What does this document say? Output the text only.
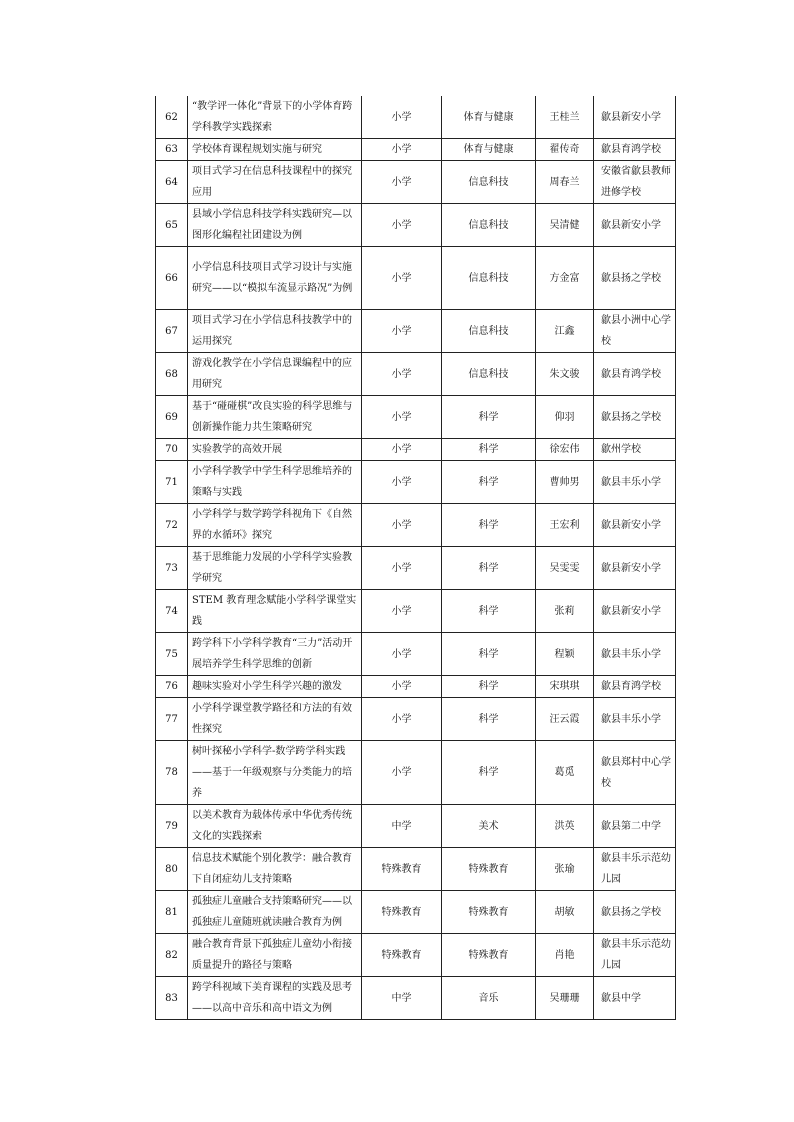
62	“教学评一体化”背景下的小学体育跨学科教学实践探索	小学	体育与健康	王桂兰	歙县新安小学
63	学校体育课程规划实施与研究	小学	体育与健康	翟传奇	歙县育鸿学校
64	项目式学习在信息科技课程中的探究应用	小学	信息科技	周春兰	安徽省歙县教师进修学校
65	县域小学信息科技学科实践研究—以图形化编程社团建设为例	小学	信息科技	吴清健	歙县新安小学
66	小学信息科技项目式学习设计与实施研究——以“模拟车流显示路况”为例	小学	信息科技	方金富	歙县扬之学校
67	项目式学习在小学信息科技教学中的运用探究	小学	信息科技	江鑫	歙县小洲中心学校
68	游戏化教学在小学信息课编程中的应用研究	小学	信息科技	朱文骏	歙县育鸿学校
69	基于“碰碰棋”改良实验的科学思维与创新操作能力共生策略研究	小学	科学	仰羽	歙县扬之学校
70	实验教学的高效开展	小学	科学	徐宏伟	歙州学校
71	小学科学教学中学生科学思维培养的策略与实践	小学	科学	曹帅男	歙县丰乐小学
72	小学科学与数学跨学科视角下《自然界的水循环》探究	小学	科学	王宏利	歙县新安小学
73	基于思维能力发展的小学科学实验教学研究	小学	科学	吴雯雯	歙县新安小学
74	STEM 教育理念赋能小学科学课堂实践	小学	科学	张莉	歙县新安小学
75	跨学科下小学科学教育“三力”活动开展培养学生科学思维的创新	小学	科学	程颖	歙县丰乐小学
76	趣味实验对小学生科学兴趣的激发	小学	科学	宋琪琪	歙县育鸿学校
77	小学科学课堂教学路径和方法的有效性探究	小学	科学	汪云霞	歙县丰乐小学
78	树叶探秘小学科学-数学跨学科实践——基于一年级观察与分类能力的培养	小学	科学	葛觅	歙县郑村中心学校
79	以美术教育为载体传承中华优秀传统文化的实践探索	中学	美术	洪英	歙县第二中学
80	信息技术赋能个别化教学：融合教育下自闭症幼儿支持策略	特殊教育	特殊教育	张瑜	歙县丰乐示范幼儿园
81	孤独症儿童融合支持策略研究——以孤独症儿童随班就读融合教育为例	特殊教育	特殊教育	胡敏	歙县扬之学校
82	融合教育背景下孤独症儿童幼小衔接质量提升的路径与策略	特殊教育	特殊教育	肖艳	歙县丰乐示范幼儿园
83	跨学科视域下美育课程的实践及思考——以高中音乐和高中语文为例	中学	音乐	吴珊珊	歙县中学
